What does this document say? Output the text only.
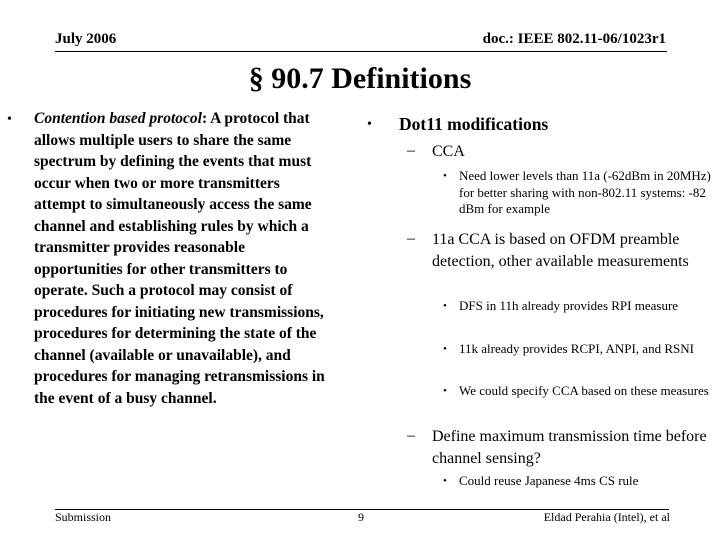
July 2006	doc.: IEEE 802.11-06/1023r1
§ 90.7 Definitions
• Contention based protocol: A protocol that allows multiple users to share the same spectrum by defining the events that must occur when two or more transmitters attempt to simultaneously access the same channel and establishing rules by which a transmitter provides reasonable opportunities for other transmitters to operate. Such a protocol may consist of procedures for initiating new transmissions, procedures for determining the state of the channel (available or unavailable), and procedures for managing retransmissions in the event of a busy channel.
• Dot11 modifications
– CCA
• Need lower levels than 11a (-62dBm in 20MHz) for better sharing with non-802.11 systems: -82 dBm for example
– 11a CCA is based on OFDM preamble detection, other available measurements
• DFS in 11h already provides RPI measure
• 11k already provides RCPI, ANPI, and RSNI
• We could specify CCA based on these measures
– Define maximum transmission time before channel sensing?
• Could reuse Japanese 4ms CS rule
Submission	9	Eldad Perahia (Intel), et al
